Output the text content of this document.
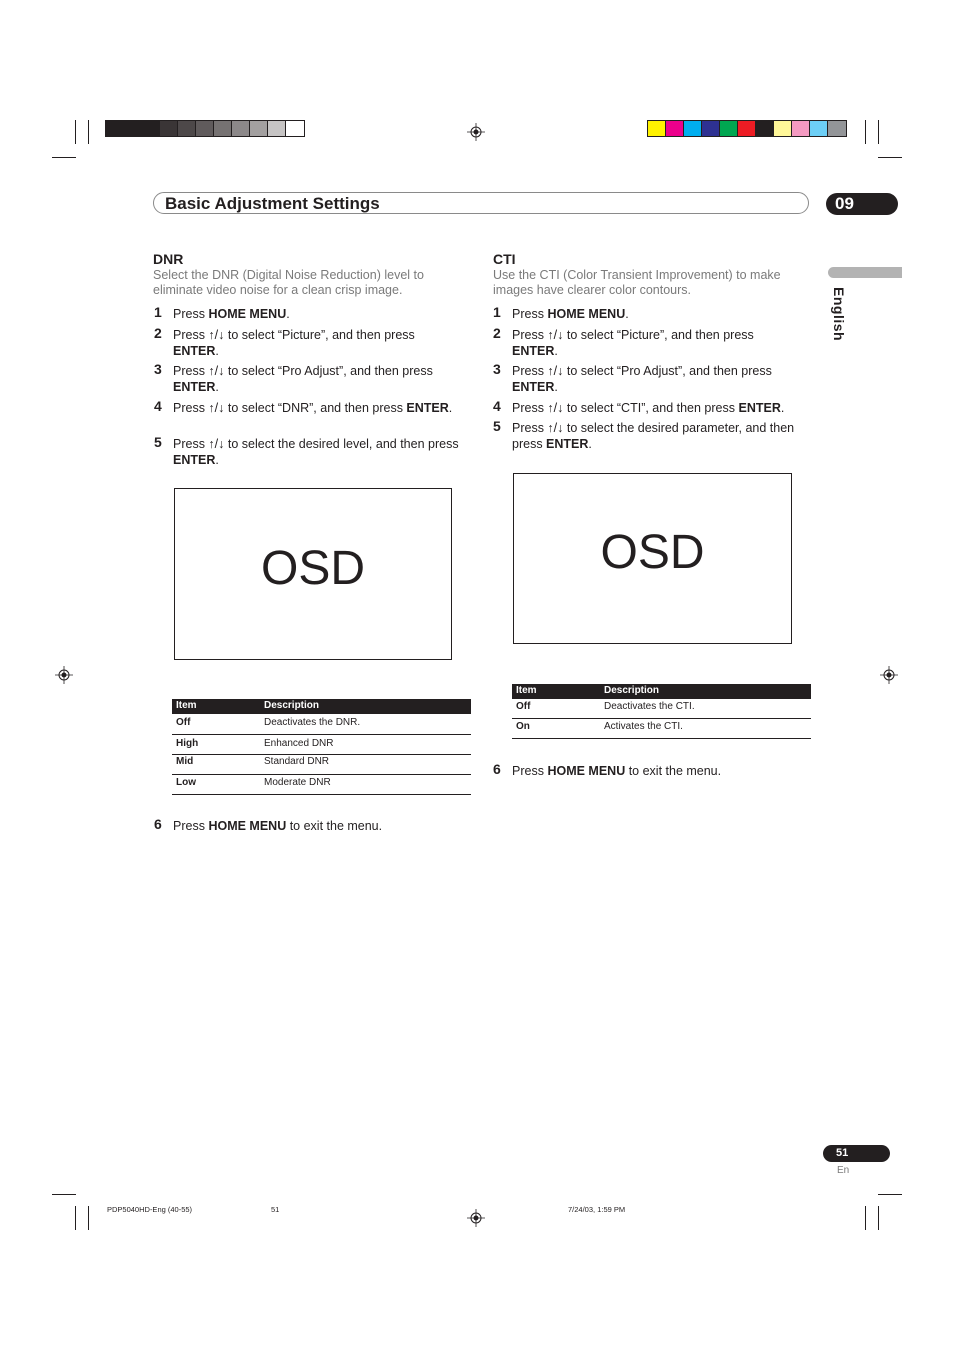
Basic Adjustment Settings	09
English
DNR
Select the DNR (Digital Noise Reduction) level to eliminate video noise for a clean crisp image.
1 Press HOME MENU.
2 Press ↑/↓ to select “Picture”, and then press ENTER.
3 Press ↑/↓ to select “Pro Adjust”, and then press ENTER.
4 Press ↑/↓ to select “DNR”, and then press ENTER.
5 Press ↑/↓ to select the desired level, and then press ENTER.
OSD
Item	Description
Off	Deactivates the DNR.
High	Enhanced DNR
Mid	Standard DNR
Low	Moderate DNR
6 Press HOME MENU to exit the menu.
CTI
Use the CTI (Color Transient Improvement) to make images have clearer color contours.
1 Press HOME MENU.
2 Press ↑/↓ to select “Picture”, and then press ENTER.
3 Press ↑/↓ to select “Pro Adjust”, and then press ENTER.
4 Press ↑/↓ to select “CTI”, and then press ENTER.
5 Press ↑/↓ to select the desired parameter, and then press ENTER.
OSD
Item	Description
Off	Deactivates the CTI.
On	Activates the CTI.
6 Press HOME MENU to exit the menu.
51
En
PDP5040HD-Eng (40-55)	51	7/24/03, 1:59 PM
